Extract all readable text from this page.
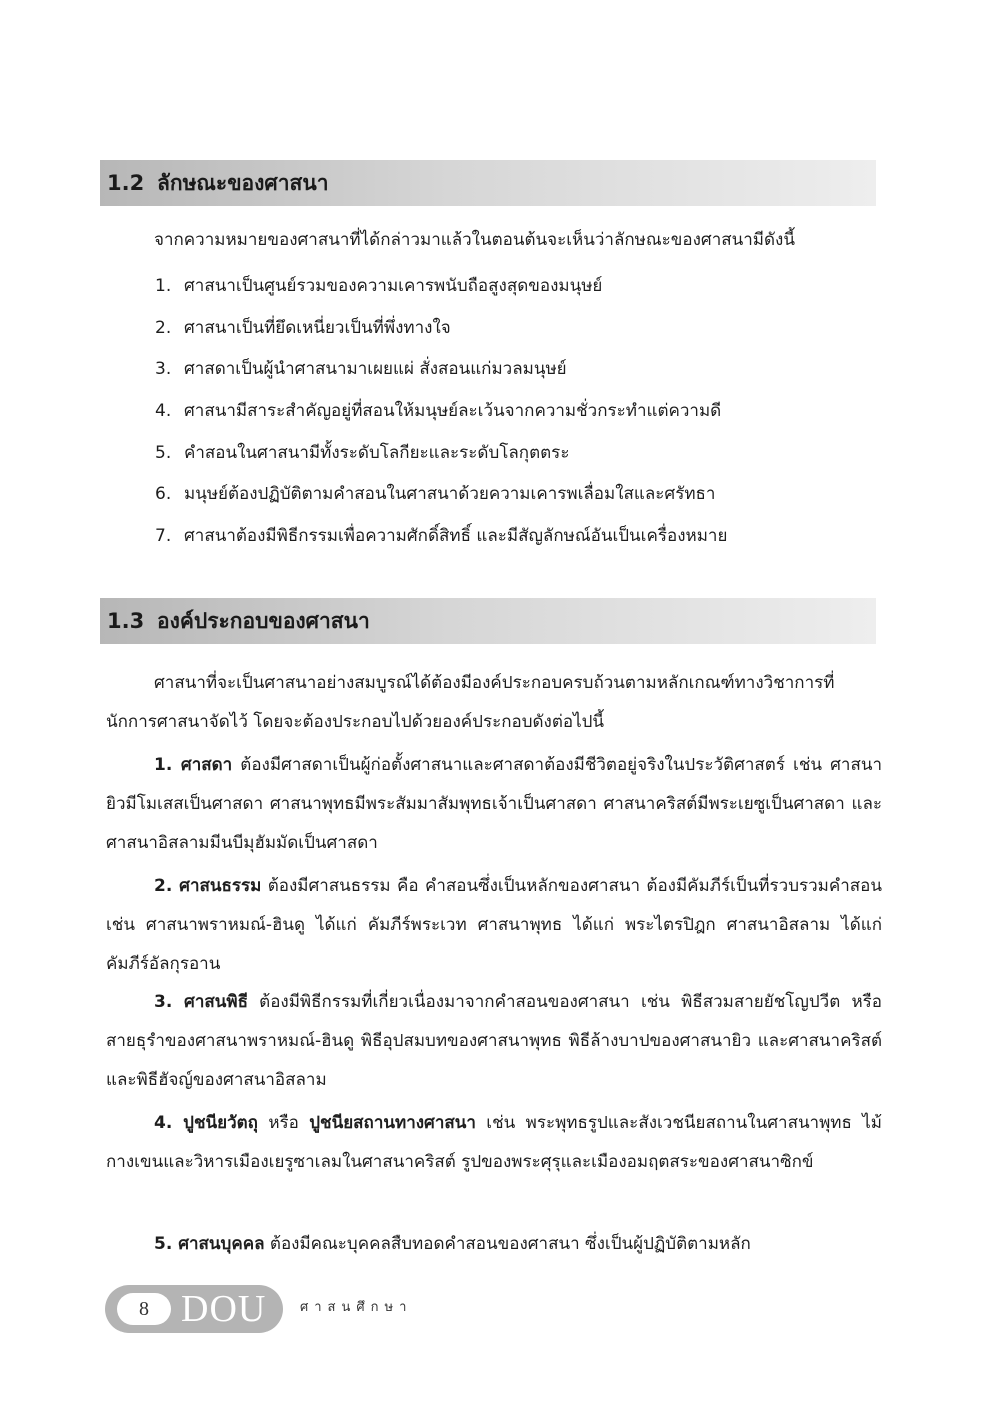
1.2 ลักษณะของศาสนา

จากความหมายของศาสนาที่ได้กล่าวมาแล้วในตอนต้นจะเห็นว่าลักษณะของศาสนามีดังนี้

1. ศาสนาเป็นศูนย์รวมของความเคารพนับถือสูงสุดของมนุษย์
2. ศาสนาเป็นที่ยึดเหนี่ยวเป็นที่พึ่งทางใจ
3. ศาสดาเป็นผู้นำศาสนามาเผยแผ่ สั่งสอนแก่มวลมนุษย์
4. ศาสนามีสาระสำคัญอยู่ที่สอนให้มนุษย์ละเว้นจากความชั่วกระทำแต่ความดี
5. คำสอนในศาสนามีทั้งระดับโลกียะและระดับโลกุตตระ
6. มนุษย์ต้องปฏิบัติตามคำสอนในศาสนาด้วยความเคารพเลื่อมใสและศรัทธา
7. ศาสนาต้องมีพิธีกรรมเพื่อความศักดิ์สิทธิ์ และมีสัญลักษณ์อันเป็นเครื่องหมาย
1.3 องค์ประกอบของศาสนา

ศาสนาที่จะเป็นศาสนาอย่างสมบูรณ์ได้ต้องมีองค์ประกอบครบถ้วนตามหลักเกณฑ์ทางวิชาการที่นักการศาสนาจัดไว้ โดยจะต้องประกอบไปด้วยองค์ประกอบดังต่อไปนี้

1. ศาสดา ต้องมีศาสดาเป็นผู้ก่อตั้งศาสนาและศาสดาต้องมีชีวิตอยู่จริงในประวัติศาสตร์ เช่น ศาสนายิวมีโมเสสเป็นศาสดา ศาสนาพุทธมีพระสัมมาสัมพุทธเจ้าเป็นศาสดา ศาสนาคริสต์มีพระเยซูเป็นศาสดา และศาสนาอิสลามมีนบีมุฮัมมัดเป็นศาสดา

2. ศาสนธรรม ต้องมีศาสนธรรม คือ คำสอนซึ่งเป็นหลักของศาสนา ต้องมีคัมภีร์เป็นที่รวบรวมคำสอน เช่น ศาสนาพราหมณ์-ฮินดู ได้แก่ คัมภีร์พระเวท ศาสนาพุทธ ได้แก่ พระไตรปิฎก ศาสนาอิสลาม ได้แก่ คัมภีร์อัลกุรอาน

3. ศาสนพิธี ต้องมีพิธีกรรมที่เกี่ยวเนื่องมาจากคำสอนของศาสนา เช่น พิธีสวมสายยัชโญปวีต หรือสายธุรำของศาสนาพราหมณ์-ฮินดู พิธีอุปสมบทของศาสนาพุทธ พิธีล้างบาปของศาสนายิว และศาสนาคริสต์ และพิธีฮัจญ์ของศาสนาอิสลาม

4. ปูชนียวัตถุ หรือ ปูชนียสถานทางศาสนา เช่น พระพุทธรูปและสังเวชนียสถานในศาสนาพุทธ ไม้กางเขนและวิหารเมืองเยรูซาเลมในศาสนาคริสต์ รูปของพระศุรุและเมืองอมฤตสระของศาสนาซิกข์

5. ศาสนบุคคล ต้องมีคณะบุคคลสืบทอดคำสอนของศาสนา ซึ่งเป็นผู้ปฏิบัติตามหลัก

8 DOU	ศาสนศึกษา
